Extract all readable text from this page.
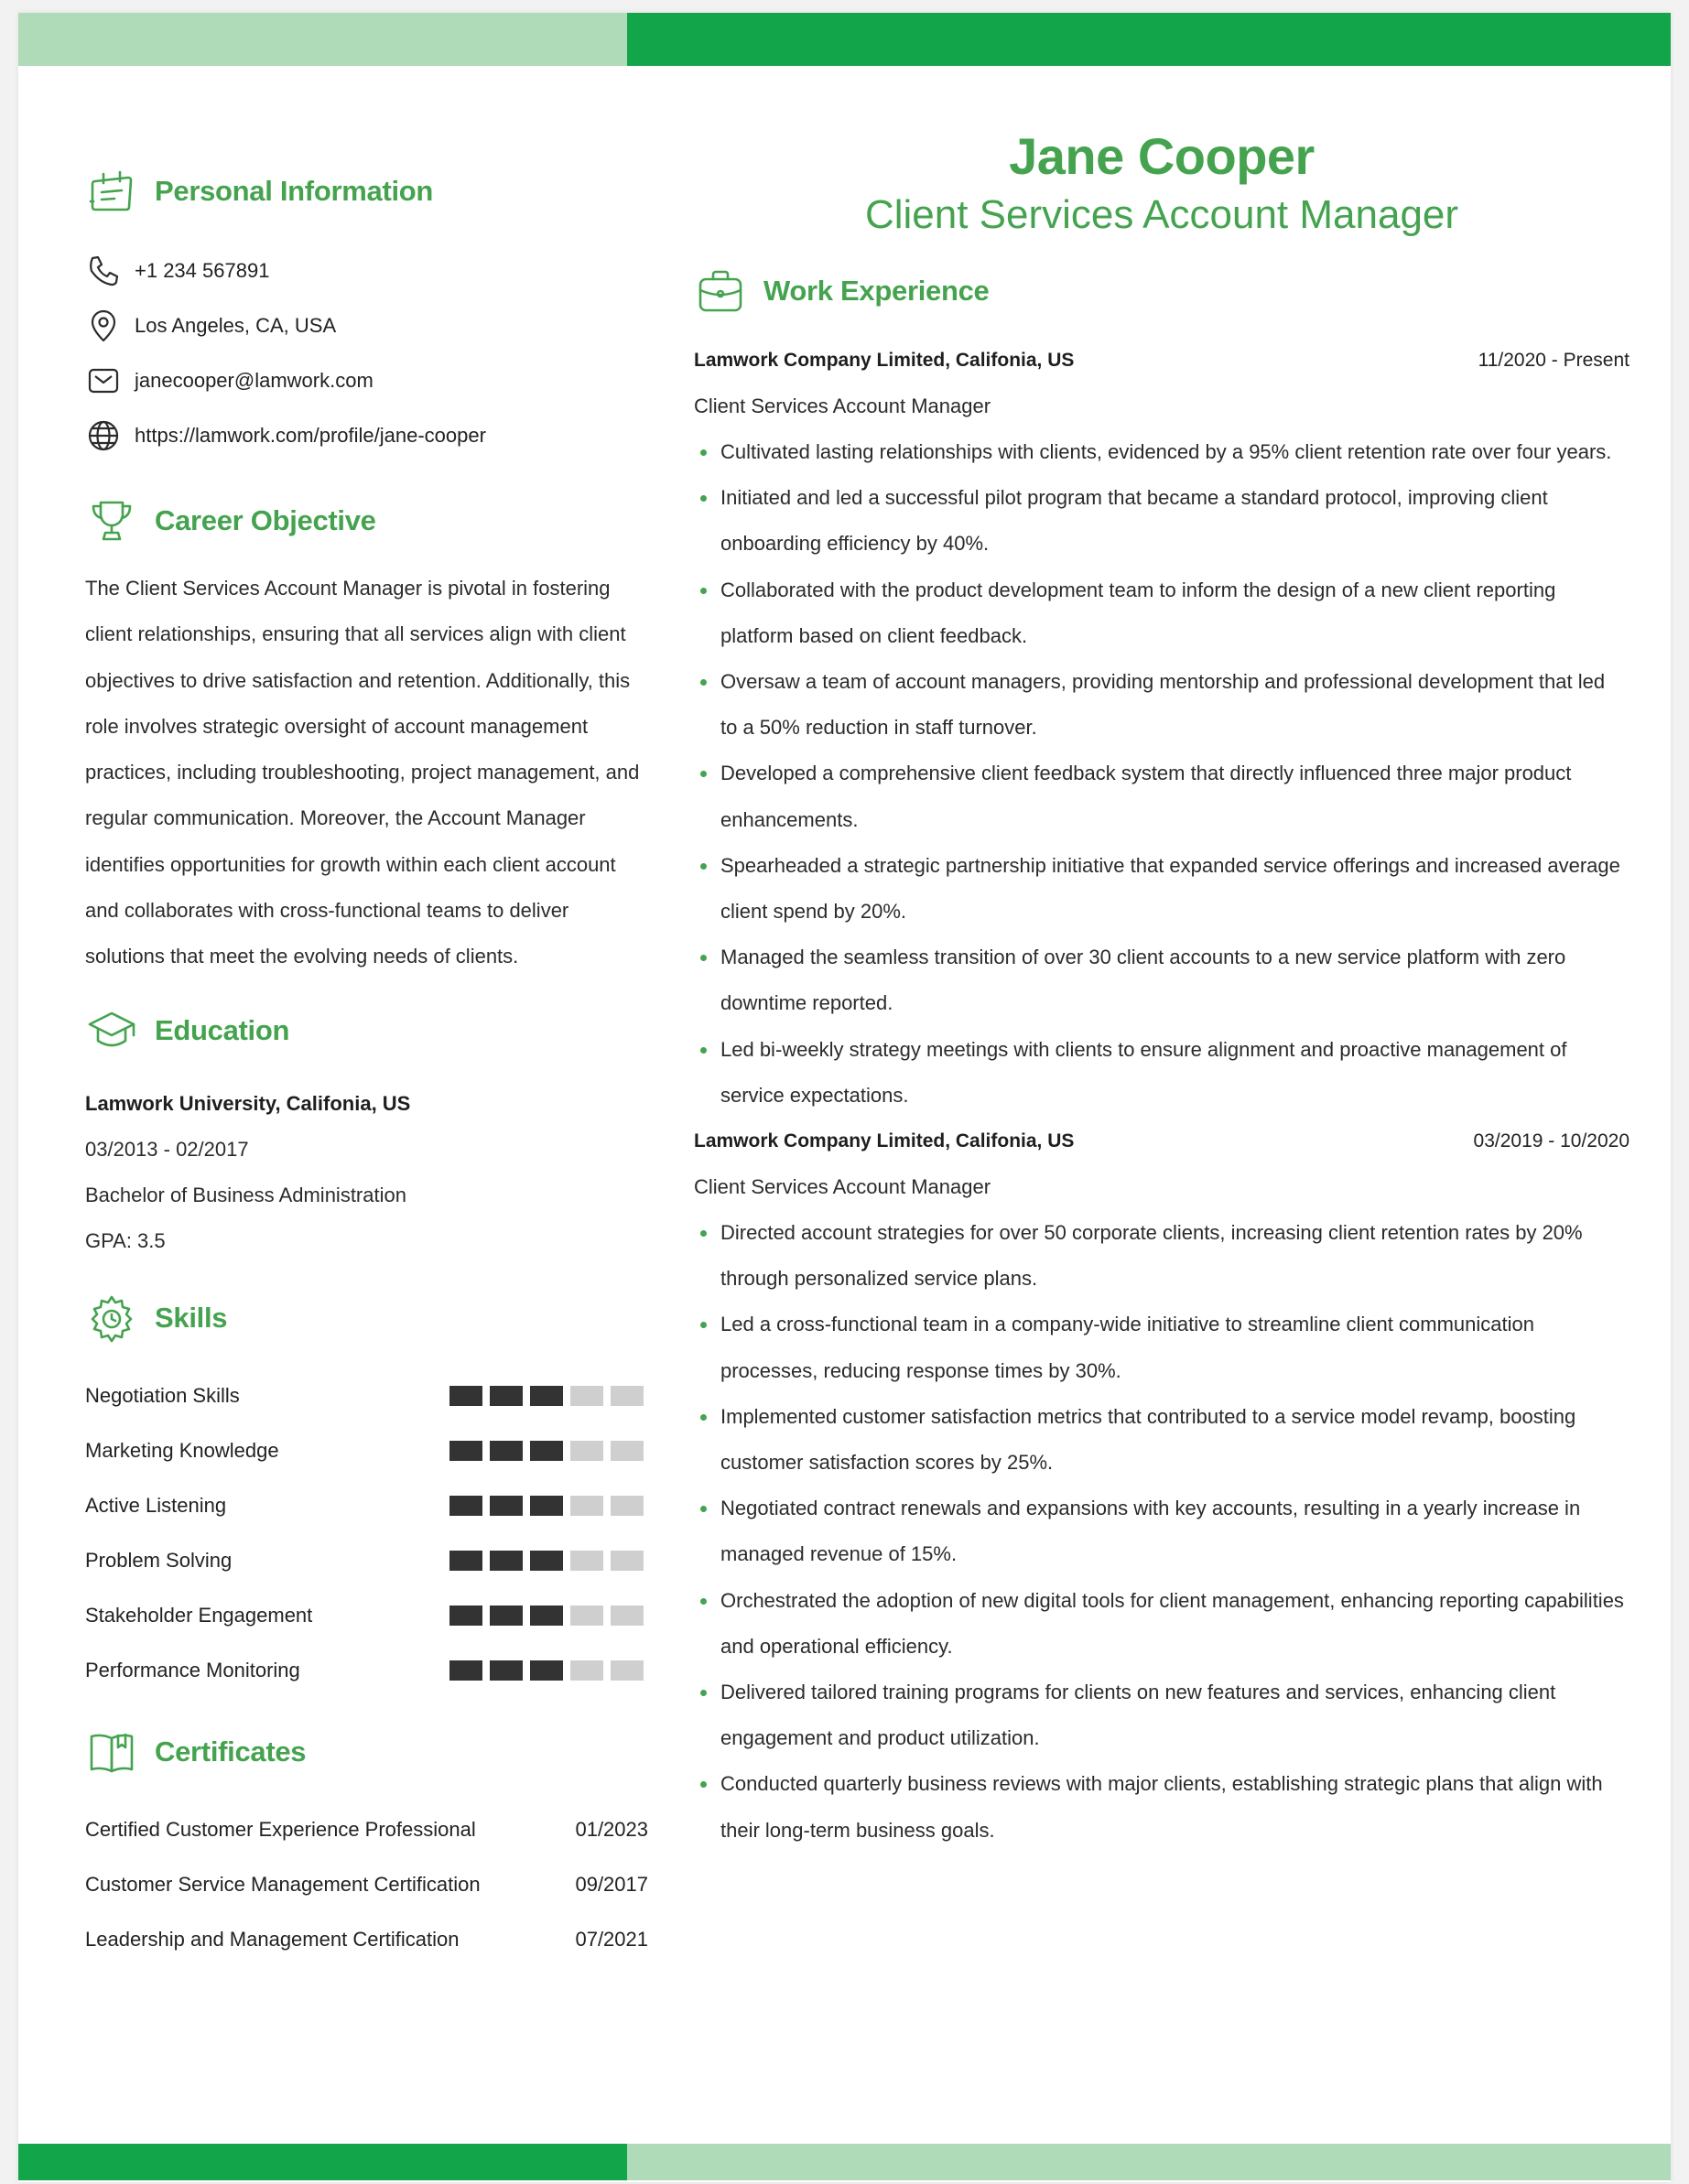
Personal Information
+1 234 567891
Los Angeles, CA, USA
janecooper@lamwork.com
https://lamwork.com/profile/jane-cooper
Career Objective

The Client Services Account Manager is pivotal in fostering client relationships, ensuring that all services align with client objectives to drive satisfaction and retention. Additionally, this role involves strategic oversight of account management practices, including troubleshooting, project management, and regular communication. Moreover, the Account Manager identifies opportunities for growth within each client account and collaborates with cross-functional teams to deliver solutions that meet the evolving needs of clients.

Education
Lamwork University, Califonia, US
03/2013 - 02/2017
Bachelor of Business Administration
GPA: 3.5
Skills
Negotiation Skills
Marketing Knowledge
Active Listening
Problem Solving
Stakeholder Engagement
Performance Monitoring
Certificates
Certified Customer Experience Professional	01/2023
Customer Service Management Certification	09/2017
Leadership and Management Certification	07/2021
Jane Cooper
Client Services Account Manager
Work Experience
Lamwork Company Limited, Califonia, US	11/2020 - Present
Client Services Account Manager
Cultivated lasting relationships with clients, evidenced by a 95% client retention rate over four years.
Initiated and led a successful pilot program that became a standard protocol, improving client onboarding efficiency by 40%.
Collaborated with the product development team to inform the design of a new client reporting platform based on client feedback.
Oversaw a team of account managers, providing mentorship and professional development that led to a 50% reduction in staff turnover.
Developed a comprehensive client feedback system that directly influenced three major product enhancements.
Spearheaded a strategic partnership initiative that expanded service offerings and increased average client spend by 20%.
Managed the seamless transition of over 30 client accounts to a new service platform with zero downtime reported.
Led bi-weekly strategy meetings with clients to ensure alignment and proactive management of service expectations.
Lamwork Company Limited, Califonia, US	03/2019 - 10/2020
Client Services Account Manager
Directed account strategies for over 50 corporate clients, increasing client retention rates by 20% through personalized service plans.
Led a cross-functional team in a company-wide initiative to streamline client communication processes, reducing response times by 30%.
Implemented customer satisfaction metrics that contributed to a service model revamp, boosting customer satisfaction scores by 25%.
Negotiated contract renewals and expansions with key accounts, resulting in a yearly increase in managed revenue of 15%.
Orchestrated the adoption of new digital tools for client management, enhancing reporting capabilities and operational efficiency.
Delivered tailored training programs for clients on new features and services, enhancing client engagement and product utilization.
Conducted quarterly business reviews with major clients, establishing strategic plans that align with their long-term business goals.
